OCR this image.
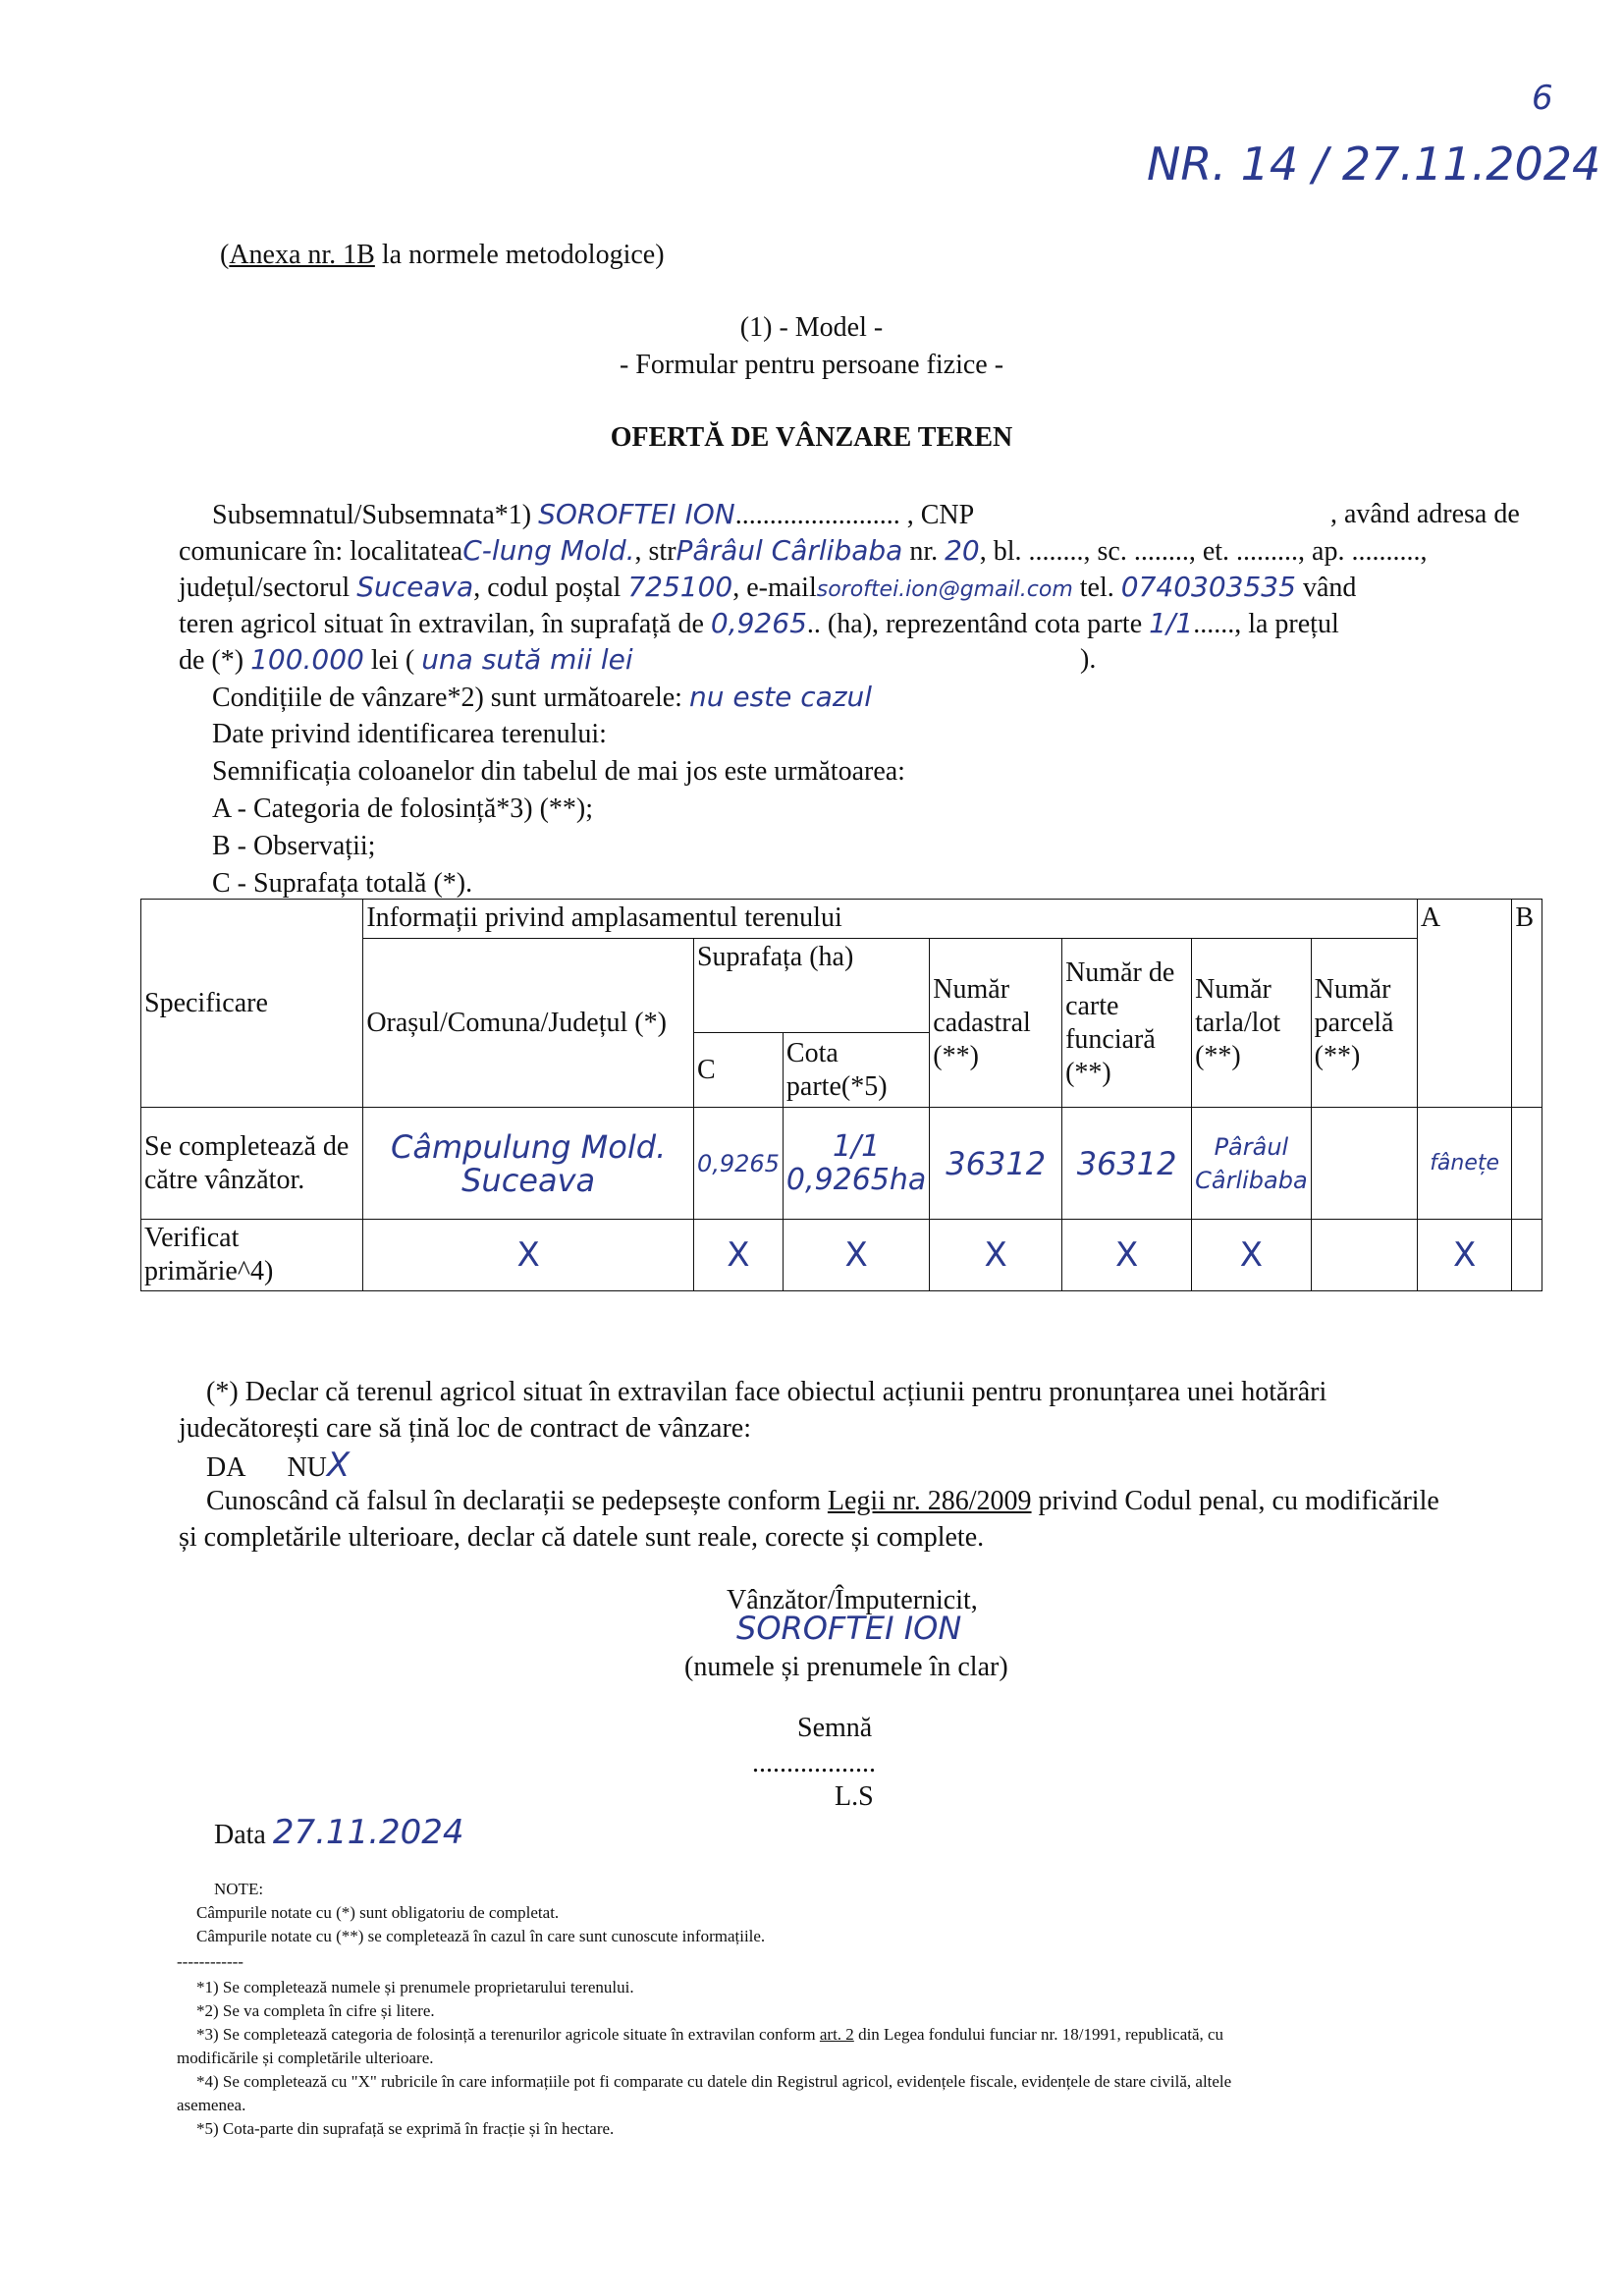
NR. 14 / 27.11.2024
6
(Anexa nr. 1B la normele metodologice)
(1) - Model -
- Formular pentru persoane fizice -
OFERTĂ DE VÂNZARE TEREN
Subsemnatul/Subsemnata*1) SOROFTEI ION........................ , CNP	, având adresa de
comunicare în: localitateaC-lung Mold., strPârâul Cârlibaba nr. 20, bl. ........, sc. ........, et. ........., ap. ..........,
județul/sectorul Suceava, codul poștal 725100, e-mailsoroftei.ion@gmail.com tel. 0740303535 vând
teren agricol situat în extravilan, în suprafață de 0,9265.. (ha), reprezentând cota parte 1/1......, la prețul
de (*) 100.000 lei ( una sută mii lei	).
Condițiile de vânzare*2) sunt următoarele: nu este cazul
Date privind identificarea terenului:
Semnificația coloanelor din tabelul de mai jos este următoarea:
A - Categoria de folosință*3) (**);
B - Observații;
C - Suprafața totală (*).
Specificare	Informații privind amplasamentul terenului							A	B
	Orașul/Comuna/Județul (*)	Suprafața (ha)		Număr cadastral (**)	Număr de carte funciară (**)	Număr tarla/lot (**)	Număr parcelă (**)		
		C	Cota parte(*5)						
Se completează de către vânzător.	Câmpulung Mold. Suceava	0,9265	1/1 0,9265ha	36312	36312	Pârâul Cârlibaba		fânețe	
Verificat primărie^4)	X	X	X	X	X	X		X	
(*) Declar că terenul agricol situat în extravilan face obiectul acțiunii pentru pronunțarea unei hotărâri
judecătorești care să țină loc de contract de vânzare:
DA NUX
Cunoscând că falsul în declarații se pedepsește conform Legii nr. 286/2009 privind Codul penal, cu modificările
și completările ulterioare, declar că datele sunt reale, corecte și complete.
Vânzător/Împuternicit,
SOROFTEI ION
(numele și prenumele în clar)
Semnă
..................
L.S
Data 27.11.2024
NOTE:
Câmpurile notate cu (*) sunt obligatoriu de completat.
Câmpurile notate cu (**) se completează în cazul în care sunt cunoscute informațiile.
------------
*1) Se completează numele și prenumele proprietarului terenului.
*2) Se va completa în cifre și litere.
*3) Se completează categoria de folosință a terenurilor agricole situate în extravilan conform art. 2 din Legea fondului funciar nr. 18/1991, republicată, cu
modificările și completările ulterioare.
*4) Se completează cu "X" rubricile în care informațiile pot fi comparate cu datele din Registrul agricol, evidențele fiscale, evidențele de stare civilă, altele
asemenea.
*5) Cota-parte din suprafață se exprimă în fracție și în hectare.
